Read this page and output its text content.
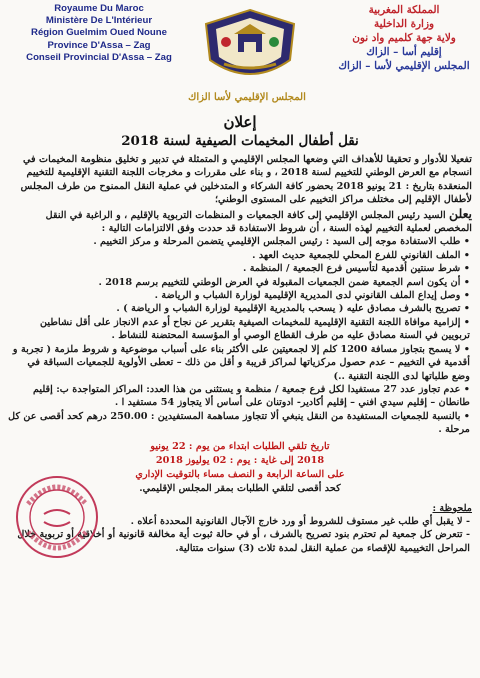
Royaume Du Maroc
Ministère De L'Intérieur
Région Guelmim Oued Noune
Province D'Assa – Zag
Conseil Provincial D'Assa – Zag
المجلس الإقليمي لأسا الزاك
المملكة المغربية
وزارة الداخلية
ولاية جهة كلميم واد نون
إقليم أسا – الزاك
المجلس الإقليمي لأسا – الزاك
إعلان
نقل أطفال المخيمات الصيفية لسنة 2018

تفعيلا للأدوار و تحقيقا للأهداف التي وضعها المجلس الإقليمي و المتمثلة في تدبير و تخليق منظومة المخيمات في انسجام مع العرض الوطني للتخييم لسنة 2018 ، و بناء على مقررات و مخرجات اللجنة التقنية الإقليمية للتخييم المنعقدة بتاريخ : 21 يونيو 2018 بحضور كافة الشركاء و المتدخلين في عملية النقل الممنوح من طرف المجلس لأطفال الإقليم إلى مختلف مراكز التخييم على المستوى الوطني؛

يعلن السيد رئيس المجلس الإقليمي إلى كافة الجمعيات و المنظمات التربوية بالإقليم ، و الراغبة في النقل المخصص لعملية التخييم لهذه السنة ، أن شروط الاستفادة قد حددت وفق الالتزامات التالية :

• طلب الاستفادة موجه إلى السيد : رئيس المجلس الإقليمي يتضمن المرحلة و مركز التخييم .

• الملف القانوني للفرع المحلي للجمعية حديث العهد .

• شرط سنتين أقدمية لتأسيس فرع الجمعية / المنظمة .

• أن يكون اسم الجمعية ضمن الجمعيات المقبولة في العرض الوطني للتخييم برسم 2018 .

• وصل إيداع الملف القانوني لدى المديرية الإقليمية لوزارة الشباب و الرياضة .

• تصريح بالشرف مصادق عليه ( يسحب بالمديرية الإقليمية لوزارة الشباب و الرياضة ) .

• إلزامية موافاة اللجنة التقنية الإقليمية للمخيمات الصيفية بتقرير عن نجاح أو عدم الانجاز على أقل نشاطين تربويين في السنة مصادق عليه من طرف القطاع الوصي أو المؤسسة المحتضنة للنشاط .

• لا يسمح بتجاوز مسافة 1200 كلم إلا لجمعيتين على الأكثر بناء على أسباب موضوعية و شروط ملزمة ( تجربة و أقدمية في التخييم – عدم حصول مركزياتها لمراكز قريبة و أقل من ذلك – تعطى الأولوية للجمعيات السباقة في وضع طلباتها لدى اللجنة التقنية ..)

• عدم تجاوز عدد 27 مستفيدا لكل فرع جمعية / منظمة و يستثنى من هذا العدد: المراكز المتواجدة ب: إقليم طانطان – إقليم سيدي افني – إقليم أكادير- ادوتنان على أساس ألا يتجاوز 54 مستفيد ا .

• بالنسبة للجمعيات المستفيدة من النقل ينبغي ألا تتجاوز مساهمة المستفيدين : 250.00 درهم كحد أقصى عن كل مرحلة .

تاريخ تلقي الطلبات ابتداء من يوم : 22 يونيو
2018 إلى غاية : يوم : 02 يوليوز 2018
على الساعة الرابعة و النصف مساء بالتوقيت الإداري
كحد أقصى لتلقي الطلبات بمقر المجلس الإقليمي.
ملحوظة :

- لا يقبل أي طلب غير مستوف للشروط أو ورد خارج الآجال القانونية المحددة أعلاه .

- تتعرض كل جمعية لم تحترم بنود تصريح بالشرف ، أو في حالة ثبوت أية مخالفة قانونية أو أخلاقية أو تربوية خلال المراحل التخييمية للإقصاء من عملية النقل لمدة ثلاث (3) سنوات متتالية.
